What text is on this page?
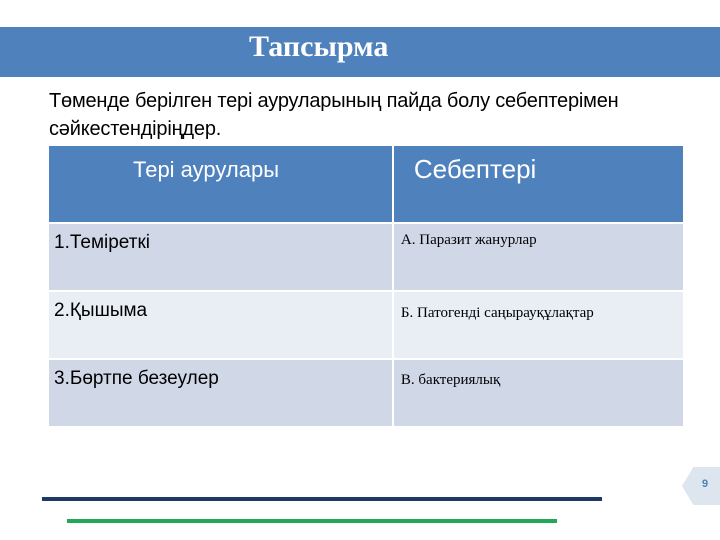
Тапсырма
Төменде берілген тері ауруларының пайда болу себептерімен сәйкестендіріңдер.
Тері аурулары	Себептері

1.Теміреткі	А. Паразит жанурлар

2.Қышыма	Б. Патогенді саңырауқұлақтар

3.Бөртпе безеулер	В. бактериялық
9
